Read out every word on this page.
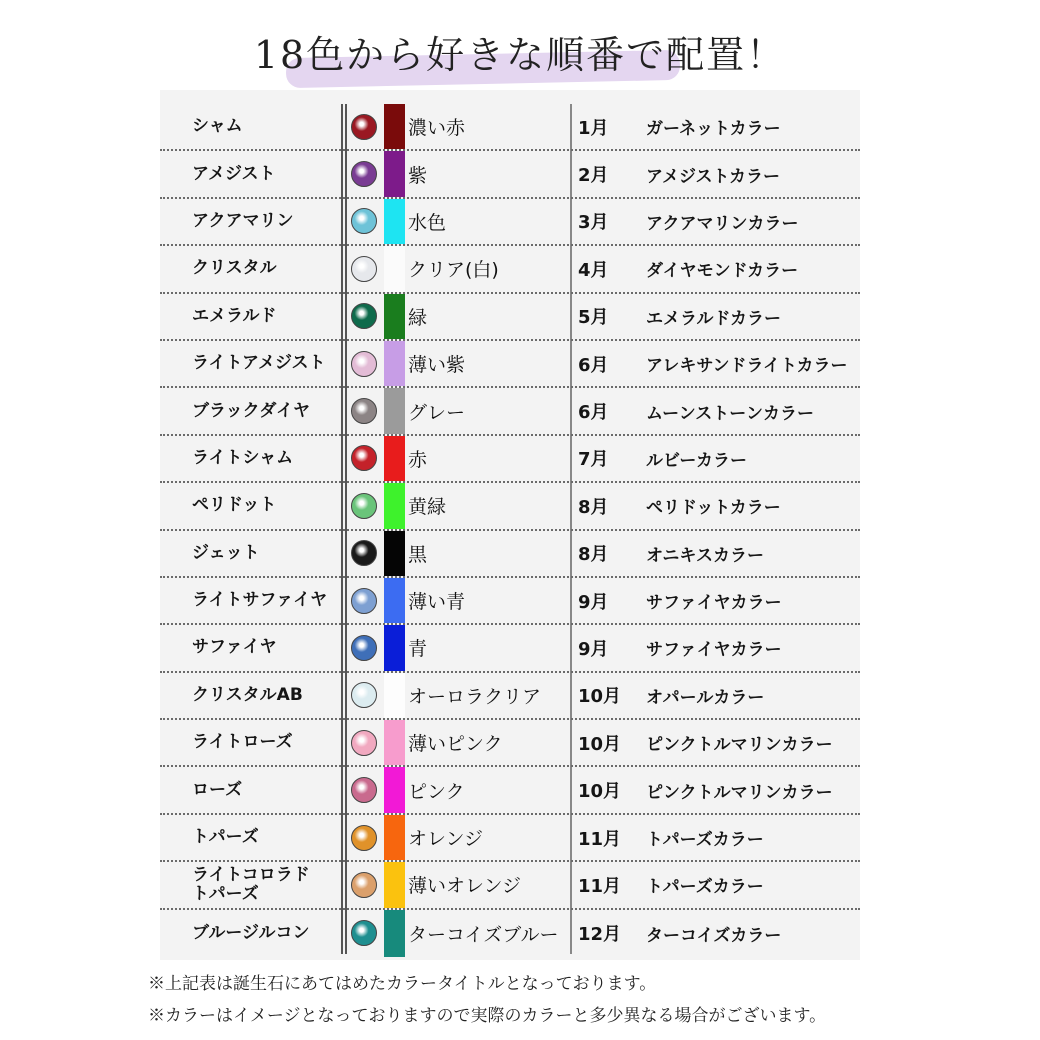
18色から好きな順番で配置！
シャム	濃い赤	1月	ガーネットカラー
アメジスト	紫	2月	アメジストカラー
アクアマリン	水色	3月	アクアマリンカラー
クリスタル	クリア(白)	4月	ダイヤモンドカラー
エメラルド	緑	5月	エメラルドカラー
ライトアメジスト	薄い紫	6月	アレキサンドライトカラー
ブラックダイヤ	グレー	6月	ムーンストーンカラー
ライトシャム	赤	7月	ルビーカラー
ペリドット	黄緑	8月	ペリドットカラー
ジェット	黒	8月	オニキスカラー
ライトサファイヤ	薄い青	9月	サファイヤカラー
サファイヤ	青	9月	サファイヤカラー
クリスタルAB	オーロラクリア	10月	オパールカラー
ライトローズ	薄いピンク	10月	ピンクトルマリンカラー
ローズ	ピンク	10月	ピンクトルマリンカラー
トパーズ	オレンジ	11月	トパーズカラー
ライトコロラド
トパーズ	薄いオレンジ	11月	トパーズカラー
ブルージルコン	ターコイズブルー	12月	ターコイズカラー
※上記表は誕生石にあてはめたカラータイトルとなっております。
※カラーはイメージとなっておりますので実際のカラーと多少異なる場合がございます。
